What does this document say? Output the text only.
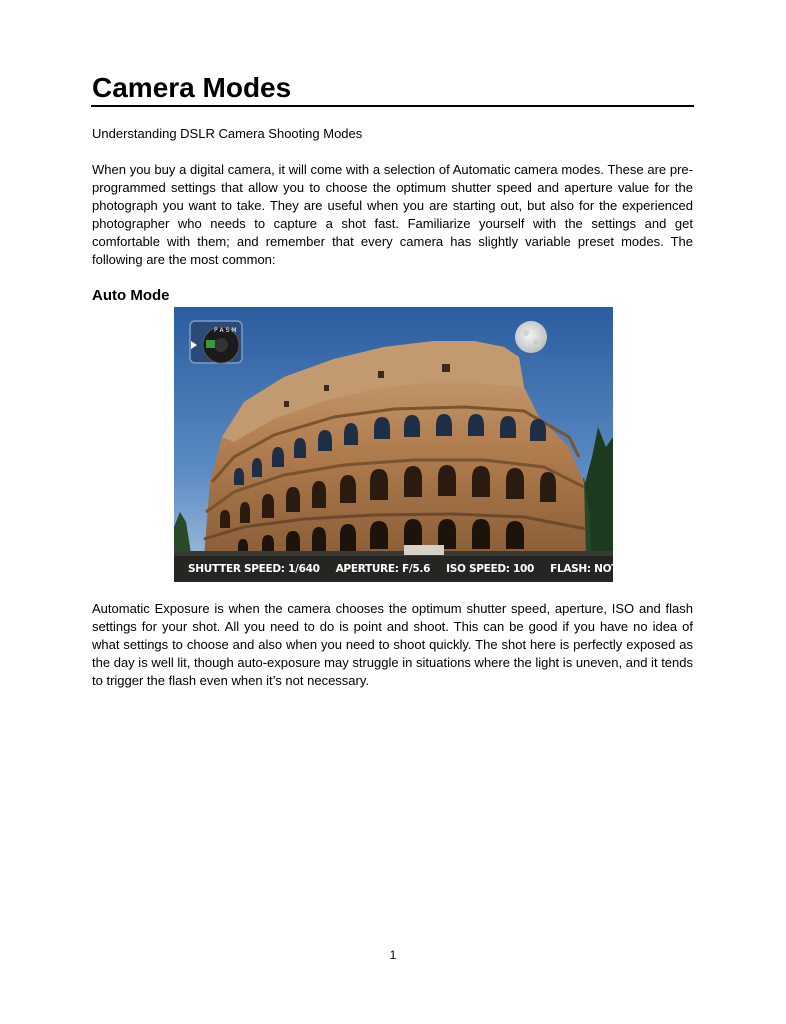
Camera Modes
Understanding DSLR Camera Shooting Modes

When you buy a digital camera, it will come with a selection of Automatic camera modes. These are pre-programmed settings that allow you to choose the optimum shutter speed and aperture value for the photograph you want to take. They are useful when you are starting out, but also for the experienced photographer who needs to capture a shot fast. Familiarize yourself with the settings and get comfortable with them; and remember that every camera has slightly variable preset modes. The following are the most common:

Auto Mode
P A S M
SHUTTER SPEED: 1/640 APERTURE: F/5.6 ISO SPEED: 100 FLASH: NOT FIRED

Automatic Exposure is when the camera chooses the optimum shutter speed, aperture, ISO and flash settings for your shot. All you need to do is point and shoot. This can be good if you have no idea of what settings to choose and also when you need to shoot quickly. The shot here is perfectly exposed as the day is well lit, though auto-exposure may struggle in situations where the light is uneven, and it tends to trigger the flash even when it’s not necessary.

1
